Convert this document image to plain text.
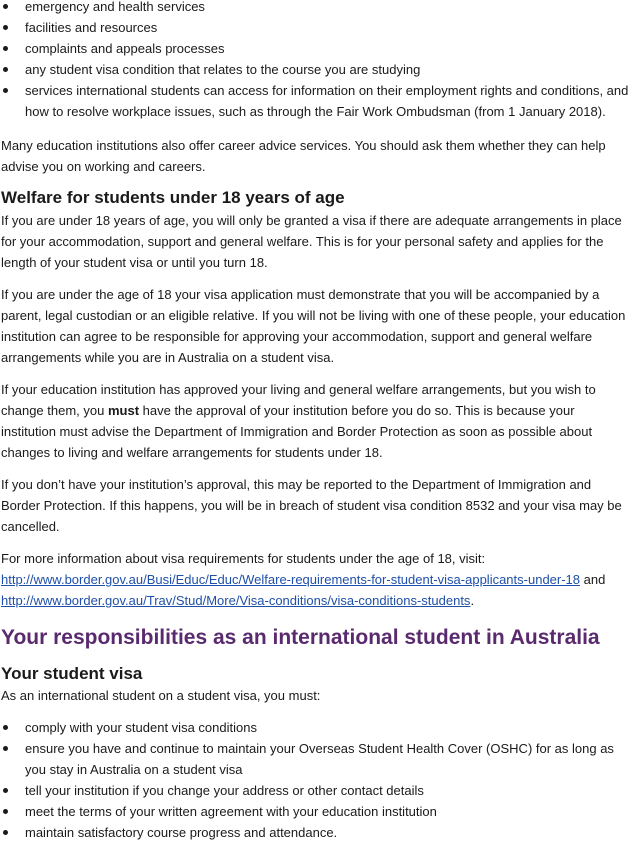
emergency and health services
facilities and resources
complaints and appeals processes
any student visa condition that relates to the course you are studying
services international students can access for information on their employment rights and conditions, and how to resolve workplace issues, such as through the Fair Work Ombudsman (from 1 January 2018).

Many education institutions also offer career advice services. You should ask them whether they can help advise you on working and careers.

Welfare for students under 18 years of age

If you are under 18 years of age, you will only be granted a visa if there are adequate arrangements in place for your accommodation, support and general welfare. This is for your personal safety and applies for the length of your student visa or until you turn 18.

If you are under the age of 18 your visa application must demonstrate that you will be accompanied by a parent, legal custodian or an eligible relative. If you will not be living with one of these people, your education institution can agree to be responsible for approving your accommodation, support and general welfare arrangements while you are in Australia on a student visa.

If your education institution has approved your living and general welfare arrangements, but you wish to change them, you must have the approval of your institution before you do so. This is because your institution must advise the Department of Immigration and Border Protection as soon as possible about changes to living and welfare arrangements for students under 18.

If you don’t have your institution’s approval, this may be reported to the Department of Immigration and Border Protection. If this happens, you will be in breach of student visa condition 8532 and your visa may be cancelled.

For more information about visa requirements for students under the age of 18, visit:
http://www.border.gov.au/Busi/Educ/Educ/Welfare-requirements-for-student-visa-applicants-under-18 and
http://www.border.gov.au/Trav/Stud/More/Visa-conditions/visa-conditions-students.

Your responsibilities as an international student in Australia
Your student visa

As an international student on a student visa, you must:

comply with your student visa conditions
ensure you have and continue to maintain your Overseas Student Health Cover (OSHC) for as long as you stay in Australia on a student visa
tell your institution if you change your address or other contact details
meet the terms of your written agreement with your education institution
maintain satisfactory course progress and attendance.
